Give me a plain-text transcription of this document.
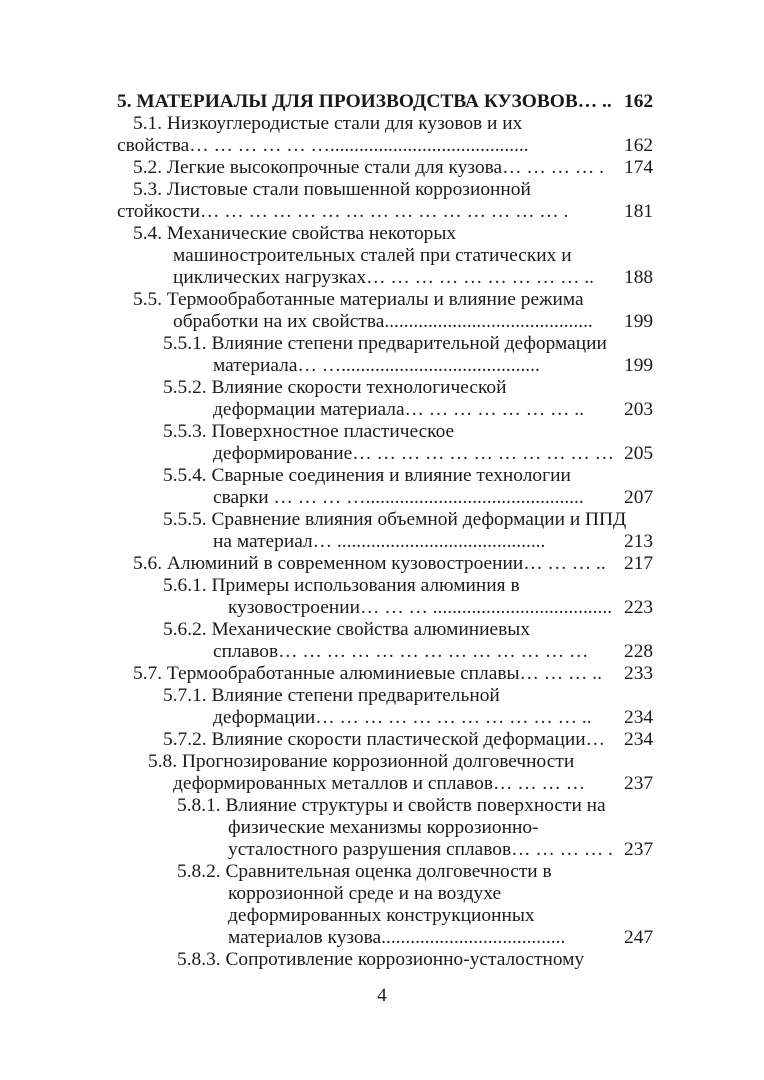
5. МАТЕРИАЛЫ ДЛЯ ПРОИЗВОДСТВА КУЗОВОВ… .. 162
5.1. Низкоуглеродистые стали для кузовов и их
свойства… … … … … ….........................................	162
5.2. Легкие высокопрочные стали для кузова… … … … . 174
5.3. Листовые стали повышенной коррозионной
стойкости… … … … … … … … … … … … … … … .	181
5.4. Механические свойства некоторых
машиностроительных сталей при статических и
циклических нагрузках… … … … … … … … … .. 188
5.5. Термообработанные материалы и влияние режима
обработки на их свойства........................................... 199
5.5.1. Влияние степени предварительной деформации
материала… ….........................................	199
5.5.2. Влияние скорости технологической
деформации материала… … … … … … … .. 203
5.5.3. Поверхностное пластическое
деформирование… … … … … … … … … … … 205
5.5.4. Сварные соединения и влияние технологии
сварки … … … …............................................. 207
5.5.5. Сравнение влияния объемной деформации и ППД
на материал… ...........................................	213
5.6. Алюминий в современном кузовостроении… … … .. 217
5.6.1. Примеры использования алюминия в
кузовостроении… … … ..................................... 223
5.6.2. Механические свойства алюминиевых
сплавов… … … … … … … … … … … … … 228
5.7. Термообработанные алюминиевые сплавы… … … .. 233
5.7.1. Влияние степени предварительной
деформации… … … … … … … … … … … .. 234
5.7.2. Влияние скорости пластической деформации… 234
5.8. Прогнозирование коррозионной долговечности
деформированных металлов и сплавов… … … … 237
5.8.1. Влияние структуры и свойств поверхности на
физические механизмы коррозионно-
усталостного разрушения сплавов… … … … . 237
5.8.2. Сравнительная оценка долговечности в
коррозионной среде и на воздухе
деформированных конструкционных
материалов кузова......................................	247
5.8.3. Сопротивление коррозионно-усталостному
4
